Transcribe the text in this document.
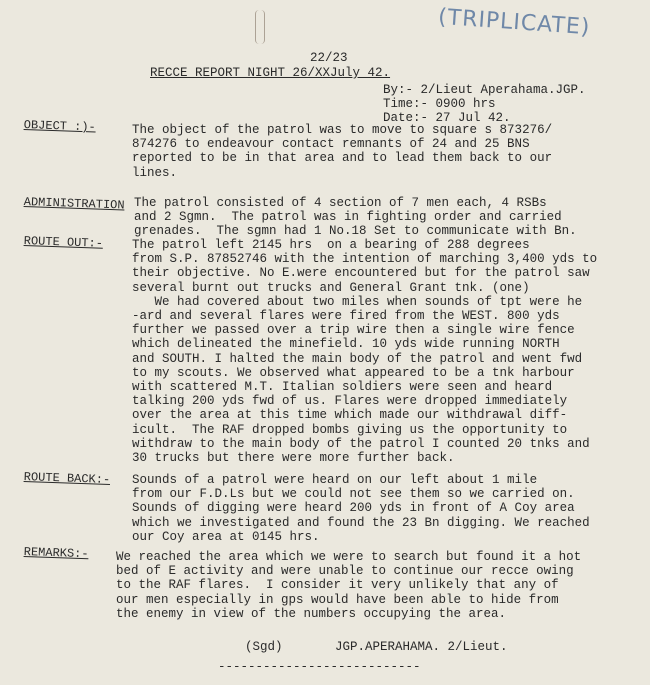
(TRIPLICATE)
22/23
RECCE REPORT NIGHT 26/XXJuly 42.
By:- 2/Lieut Aperahama.JGP.
Time:- 0900 hrs
Date:- 27 Jul 42.
OBJECT :)-	The object of the patrol was to move to square s 873276/
874276 to endeavour contact remnants of 24 and 25 BNS
reported to be in that area and to lead them back to our
lines.
ADMINISTRATION The patrol consisted of 4 section of 7 men each, 4 RSBs
and 2 Sgmn.  The patrol was in fighting order and carried
grenades.  The sgmn had 1 No.18 Set to communicate with Bn.
ROUTE OUT:- The patrol left 2145 hrs  on a bearing of 288 degrees
from S.P. 87852746 with the intention of marching 3,400 yds to
their objective. No E.were encountered but for the patrol saw
several burnt out trucks and General Grant tnk. (one)
We had covered about two miles when sounds of tpt were he
-ard and several flares were fired from the WEST. 800 yds
further we passed over a trip wire then a single wire fence
which delineated the minefield. 10 yds wide running NORTH
and SOUTH. I halted the main body of the patrol and went fwd
to my scouts. We observed what appeared to be a tnk harbour
with scattered M.T. Italian soldiers were seen and heard
talking 200 yds fwd of us. Flares were dropped immediately
over the area at this time which made our withdrawal diff-
icult.  The RAF dropped bombs giving us the opportunity to
withdraw to the main body of the patrol I counted 20 tnks and
30 trucks but there were more further back.
ROUTE BACK:- Sounds of a patrol were heard on our left about 1 mile
from our F.D.Ls but we could not see them so we carried on.
Sounds of digging were heard 200 yds in front of A Coy area
which we investigated and found the 23 Bn digging. We reached
our Coy area at 0145 hrs.
REMARKS:- We reached the area which we were to search but found it a hot
bed of E activity and were unable to continue our recce owing
to the RAF flares.  I consider it very unlikely that any of
our men especially in gps would have been able to hide from
the enemy in view of the numbers occupying the area.
(Sgd)       JGP.APERAHAMA. 2/Lieut.
---------------------------
